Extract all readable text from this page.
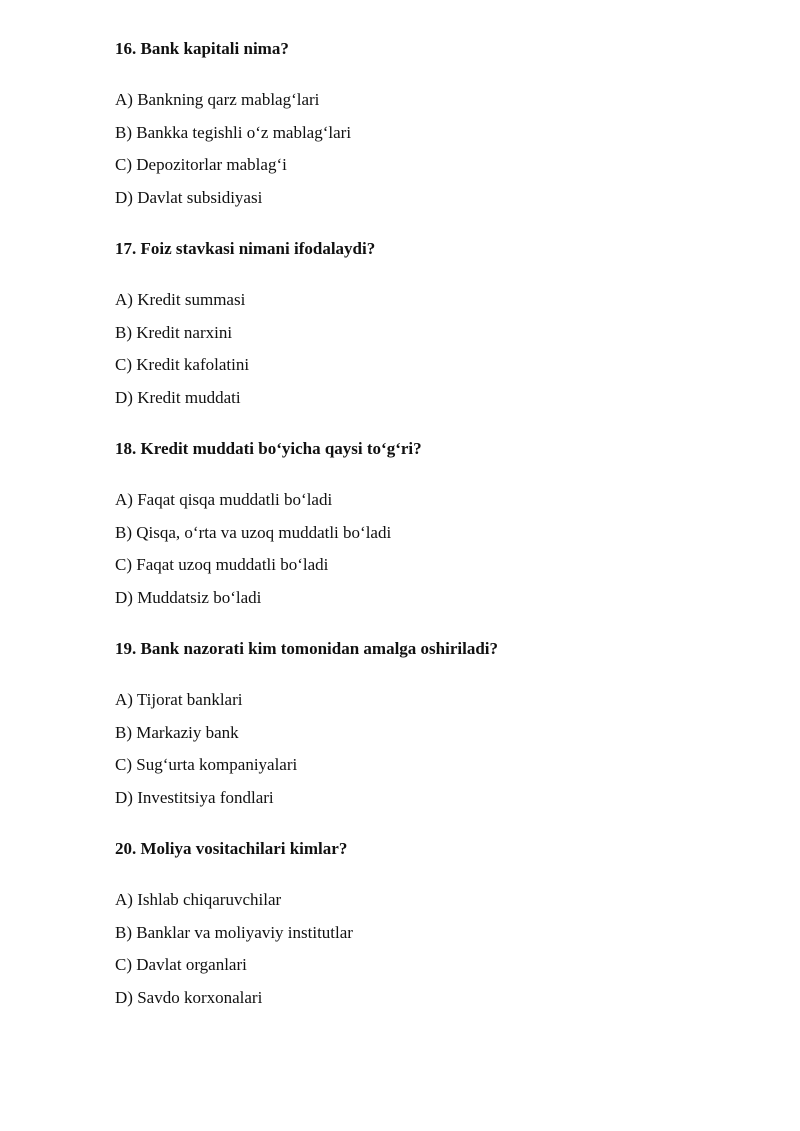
16. Bank kapitali nima?

A) Bankning qarz mablag‘lari
B) Bankka tegishli o‘z mablag‘lari
C) Depozitorlar mablag‘i
D) Davlat subsidiyasi

17. Foiz stavkasi nimani ifodalaydi?

A) Kredit summasi
B) Kredit narxini
C) Kredit kafolatini
D) Kredit muddati

18. Kredit muddati bo‘yicha qaysi to‘g‘ri?

A) Faqat qisqa muddatli bo‘ladi
B) Qisqa, o‘rta va uzoq muddatli bo‘ladi
C) Faqat uzoq muddatli bo‘ladi
D) Muddatsiz bo‘ladi

19. Bank nazorati kim tomonidan amalga oshiriladi?

A) Tijorat banklari
B) Markaziy bank
C) Sug‘urta kompaniyalari
D) Investitsiya fondlari

20. Moliya vositachilari kimlar?

A) Ishlab chiqaruvchilar
B) Banklar va moliyaviy institutlar
C) Davlat organlari
D) Savdo korxonalari
